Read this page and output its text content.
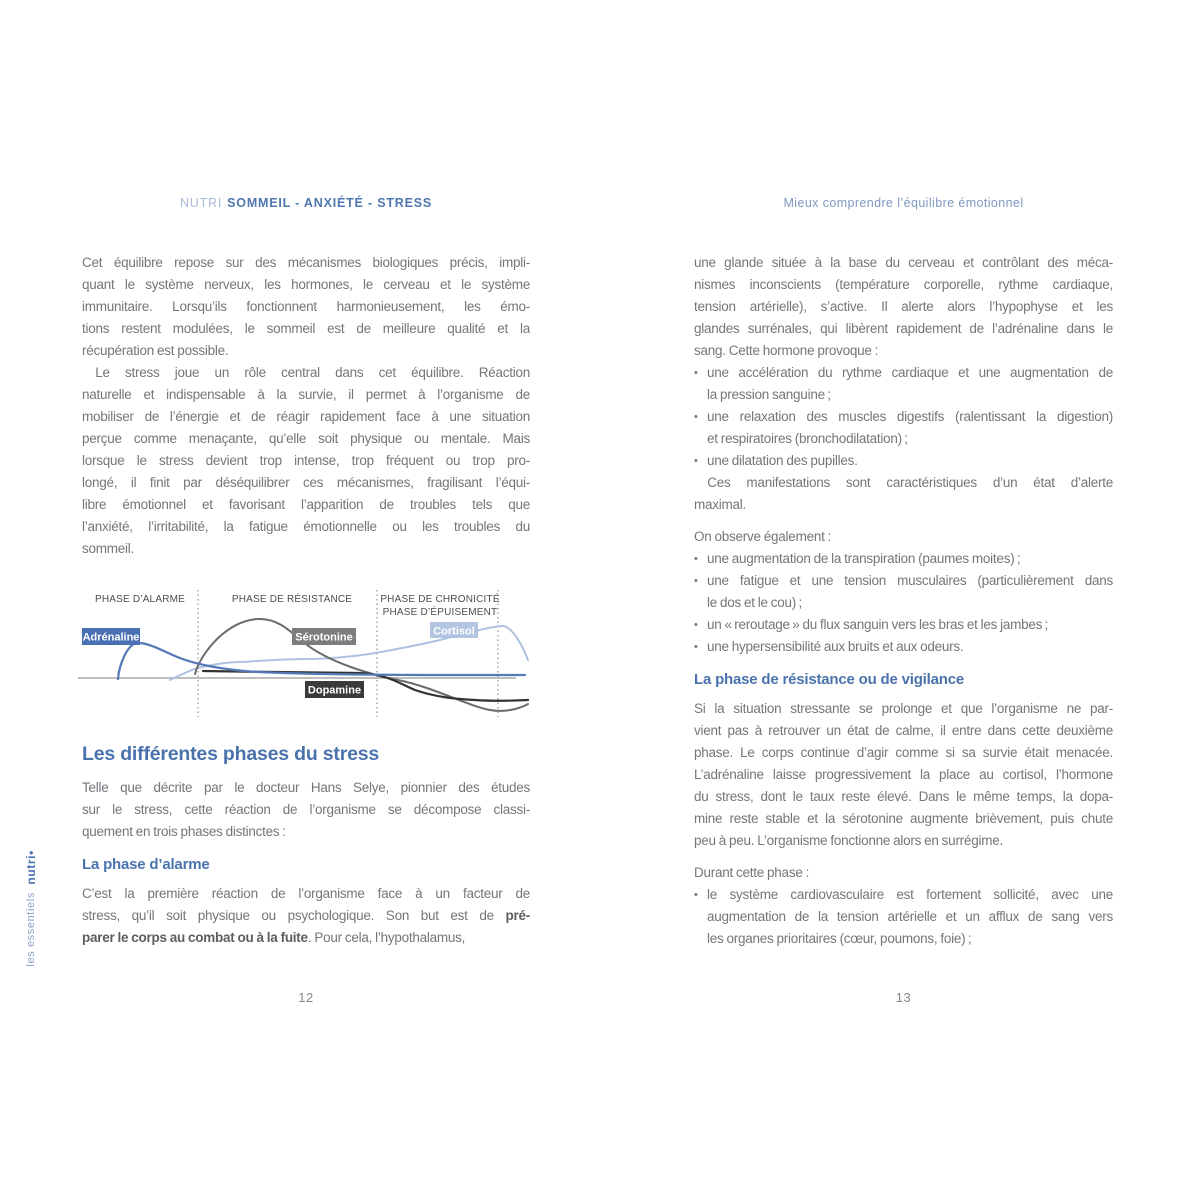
les essentiels nutri•
NUTRI SOMMEIL - ANXIÉTÉ - STRESS
Cet équilibre repose sur des mécanismes biologiques précis, impli-
quant le système nerveux, les hormones, le cerveau et le système
immunitaire. Lorsqu’ils fonctionnent harmonieusement, les émo-
tions restent modulées, le sommeil est de meilleure qualité et la
récupération est possible.
 Le stress joue un rôle central dans cet équilibre. Réaction
naturelle et indispensable à la survie, il permet à l’organisme de
mobiliser de l’énergie et de réagir rapidement face à une situation
perçue comme menaçante, qu’elle soit physique ou mentale. Mais
lorsque le stress devient trop intense, trop fréquent ou trop pro-
longé, il finit par déséquilibrer ces mécanismes, fragilisant l’équi-
libre émotionnel et favorisant l’apparition de troubles tels que
l’anxiété, l’irritabilité, la fatigue émotionnelle ou les troubles du
sommeil.
PHASE D’ALARME	PHASE DE RÉSISTANCE	PHASE DE CHRONICITÉ PHASE D’ÉPUISEMENT
Cortisol
Sérotonine
Dopamine
Adrénaline
Les différentes phases du stress
Telle que décrite par le docteur Hans Selye, pionnier des études
sur le stress, cette réaction de l’organisme se décompose classi-
quement en trois phases distinctes :
La phase d’alarme
C’est la première réaction de l’organisme face à un facteur de
stress, qu’il soit physique ou psychologique. Son but est de pré-
parer le corps au combat ou à la fuite. Pour cela, l’hypothalamus,
12
Mieux comprendre l’équilibre émotionnel
une glande située à la base du cerveau et contrôlant des méca-
nismes inconscients (température corporelle, rythme cardiaque,
tension artérielle), s’active. Il alerte alors l’hypophyse et les
glandes surrénales, qui libèrent rapidement de l’adrénaline dans le
sang. Cette hormone provoque :
• une accélération du rythme cardiaque et une augmentation de
la pression sanguine ;
• une relaxation des muscles digestifs (ralentissant la digestion)
et respiratoires (bronchodilatation) ;
• une dilatation des pupilles.
 Ces manifestations sont caractéristiques d’un état d’alerte
maximal.
On observe également :
• une augmentation de la transpiration (paumes moites) ;
• une fatigue et une tension musculaires (particulièrement dans
le dos et le cou) ;
• un « reroutage » du flux sanguin vers les bras et les jambes ;
• une hypersensibilité aux bruits et aux odeurs.
La phase de résistance ou de vigilance
Si la situation stressante se prolonge et que l’organisme ne par-
vient pas à retrouver un état de calme, il entre dans cette deuxième
phase. Le corps continue d’agir comme si sa survie était menacée.
L’adrénaline laisse progressivement la place au cortisol, l’hormone
du stress, dont le taux reste élevé. Dans le même temps, la dopa-
mine reste stable et la sérotonine augmente brièvement, puis chute
peu à peu. L’organisme fonctionne alors en surrégime.
Durant cette phase :
• le système cardiovasculaire est fortement sollicité, avec une
augmentation de la tension artérielle et un afflux de sang vers
les organes prioritaires (cœur, poumons, foie) ;
13
